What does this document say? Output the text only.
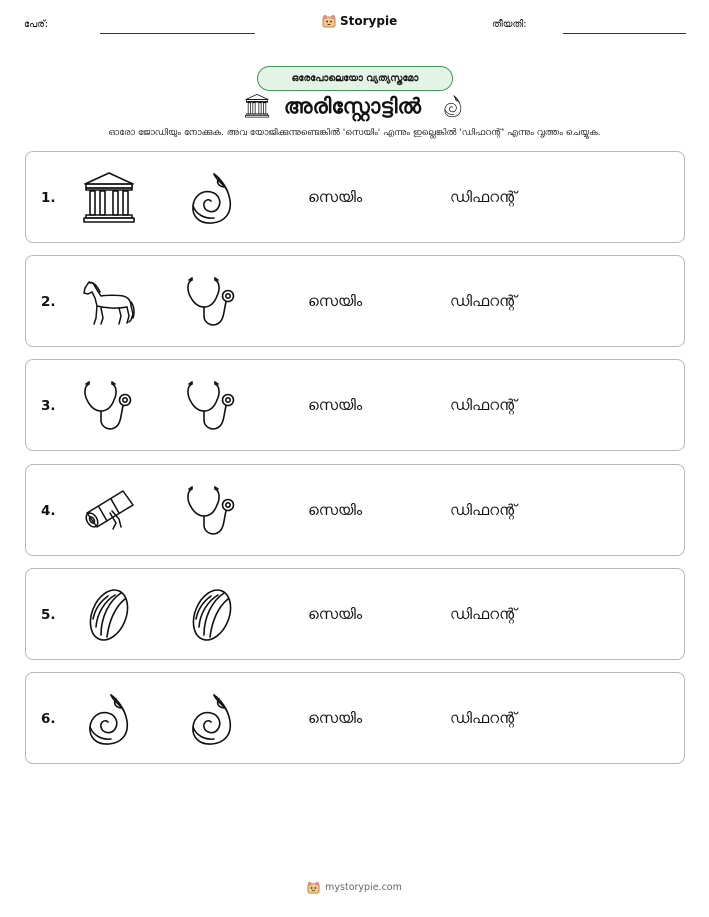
പേര്:	Storypie	തീയതി:
ഒരേപോലെയോ വ്യത്യസ്തമോ
അരിസ്റ്റോട്ടിൽ
ഓരോ ജോഡിയും നോക്കുക. അവ യോജിക്കുന്നുണ്ടെങ്കിൽ 'സെയിം' എന്നും ഇല്ലെങ്കിൽ 'ഡിഫറന്റ്' എന്നും വൃത്തം ചെയ്യുക.
1.	സെയിം	ഡിഫറന്റ്
2.	സെയിം	ഡിഫറന്റ്
3.	സെയിം	ഡിഫറന്റ്
4.	സെയിം	ഡിഫറന്റ്
5.	സെയിം	ഡിഫറന്റ്
6.	സെയിം	ഡിഫറന്റ്
mystorypie.com
